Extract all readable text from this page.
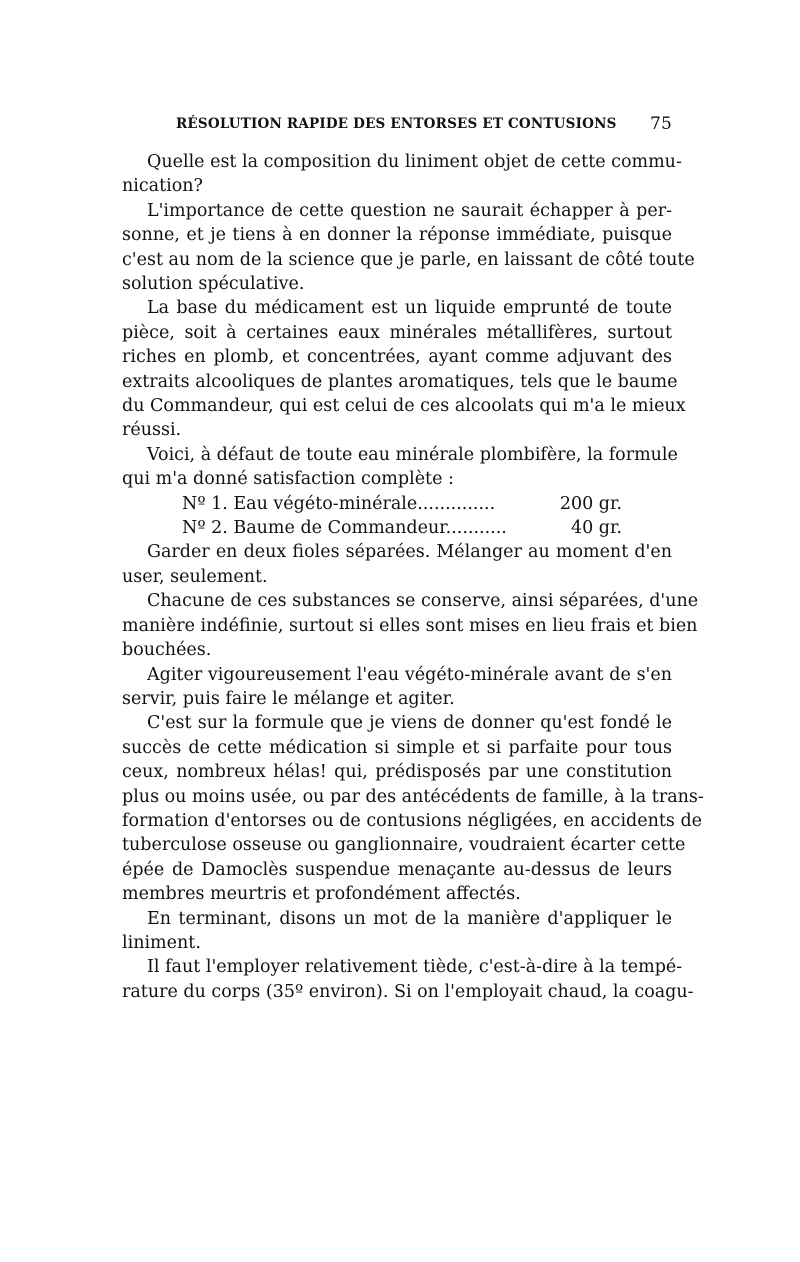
RÉSOLUTION RAPIDE DES ENTORSES ET CONTUSIONS 75

Quelle est la composition du liniment objet de cette commu-
nication?

L'importance de cette question ne saurait échapper à per-
sonne, et je tiens à en donner la réponse immédiate, puisque
c'est au nom de la science que je parle, en laissant de côté toute
solution spéculative.

La base du médicament est un liquide emprunté de toute
pièce, soit à certaines eaux minérales métallifères, surtout
riches en plomb, et concentrées, ayant comme adjuvant des
extraits alcooliques de plantes aromatiques, tels que le baume
du Commandeur, qui est celui de ces alcoolats qui m'a le mieux
réussi.

Voici, à défaut de toute eau minérale plombifère, la formule
qui m'a donné satisfaction complète :

Nº 1. Eau végéto-minérale..............	200 gr.
Nº 2. Baume de Commandeur...........	40 gr.

Garder en deux fioles séparées. Mélanger au moment d'en
user, seulement.

Chacune de ces substances se conserve, ainsi séparées, d'une
manière indéfinie, surtout si elles sont mises en lieu frais et bien
bouchées.

Agiter vigoureusement l'eau végéto-minérale avant de s'en
servir, puis faire le mélange et agiter.

C'est sur la formule que je viens de donner qu'est fondé le
succès de cette médication si simple et si parfaite pour tous
ceux, nombreux hélas! qui, prédisposés par une constitution
plus ou moins usée, ou par des antécédents de famille, à la trans-
formation d'entorses ou de contusions négligées, en accidents de
tuberculose osseuse ou ganglionnaire, voudraient écarter cette
épée de Damoclès suspendue menaçante au-dessus de leurs
membres meurtris et profondément affectés.

En terminant, disons un mot de la manière d'appliquer le
liniment.

Il faut l'employer relativement tiède, c'est-à-dire à la tempé-
rature du corps (35º environ). Si on l'employait chaud, la coagu-
